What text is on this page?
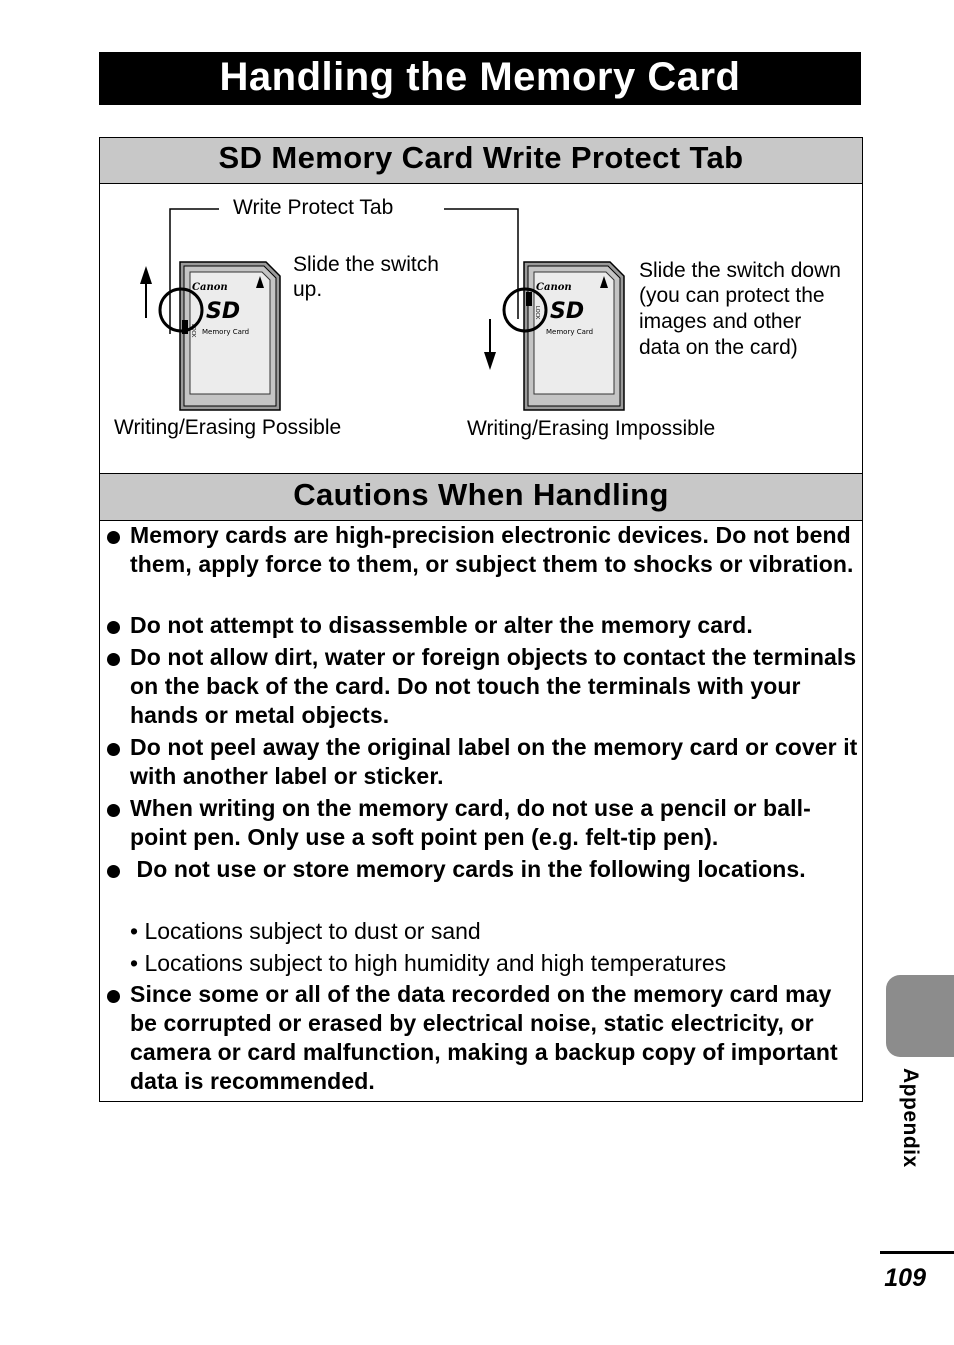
Handling the Memory Card
SD Memory Card Write Protect Tab
Canon
SD
Memory Card
LOCK
Canon
SD
Memory Card
LOCK
Write Protect Tab
Slide the switch
up.
Writing/Erasing Possible
Slide the switch down
(you can protect the
images and other
data on the card)
Writing/Erasing Impossible
Cautions When Handling
Memory cards are high-precision electronic devices. Do not bend them, apply force to them, or subject them to shocks or vibration.
Do not attempt to disassemble or alter the memory card.
Do not allow dirt, water or foreign objects to contact the terminals on the back of the card. Do not touch the terminals with your hands or metal objects.
Do not peel away the original label on the memory card or cover it with another label or sticker.
When writing on the memory card, do not use a pencil or ball-point pen. Only use a soft point pen (e.g. felt-tip pen).
Do not use or store memory cards in the following locations.
• Locations subject to dust or sand
• Locations subject to high humidity and high temperatures
Since some or all of the data recorded on the memory card may be corrupted or erased by electrical noise, static electricity, or camera or card malfunction, making a backup copy of important data is recommended.	Appendix
109
